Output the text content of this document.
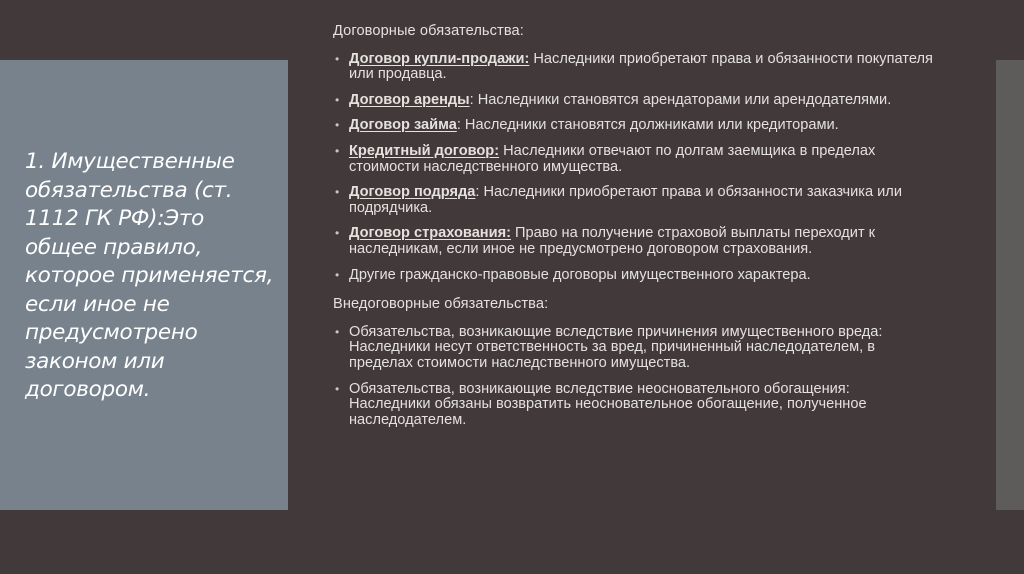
1. Имущественные обязательства (ст. 1112 ГК РФ):Это общее правило, которое применяется, если иное не предусмотрено законом или договором.
Договорные обязательства:
• Договор купли-продажи: Наследники приобретают права и обязанности покупателя или продавца.
• Договор аренды: Наследники становятся арендаторами или арендодателями.
• Договор займа: Наследники становятся должниками или кредиторами.
• Кредитный договор: Наследники отвечают по долгам заемщика в пределах стоимости наследственного имущества.
• Договор подряда: Наследники приобретают права и обязанности заказчика или подрядчика.
• Договор страхования: Право на получение страховой выплаты переходит к наследникам, если иное не предусмотрено договором страхования.
• Другие гражданско-правовые договоры имущественного характера.
Внедоговорные обязательства:
• Обязательства, возникающие вследствие причинения имущественного вреда: Наследники несут ответственность за вред, причиненный наследодателем, в пределах стоимости наследственного имущества.
• Обязательства, возникающие вследствие неосновательного обогащения: Наследники обязаны возвратить неосновательное обогащение, полученное наследодателем.
